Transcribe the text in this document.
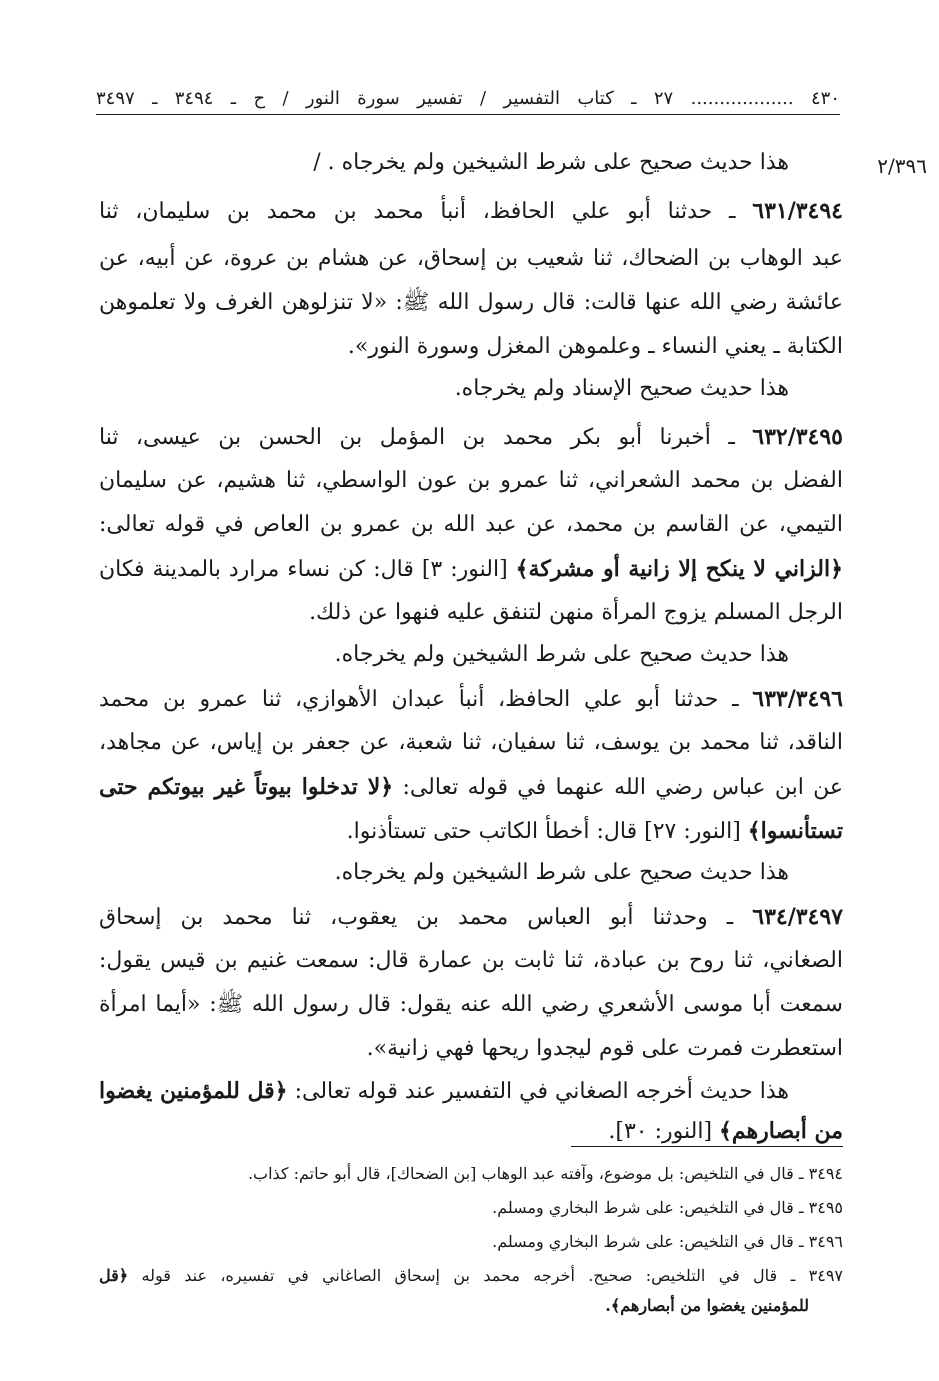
٤٣٠ .................. ٢٧ ـ كتاب التفسير / تفسير سورة النور / ح ـ ٣٤٩٤ ـ ٣٤٩٧
٢/٣٩٦
هذا حديث صحيح على شرط الشيخين ولم يخرجاه . /
٦٣١/٣٤٩٤ ـ حدثنا أبو علي الحافظ، أنبأ محمد بن محمد بن سليمان، ثنا
عبد الوهاب بن الضحاك، ثنا شعيب بن إسحاق، عن هشام بن عروة، عن أبيه، عن
عائشة رضي الله عنها قالت: قال رسول الله ﷺ: «لا تنزلوهن الغرف ولا تعلموهن
الكتابة ـ يعني النساء ـ وعلموهن المغزل وسورة النور».
هذا حديث صحيح الإسناد ولم يخرجاه.
٦٣٢/٣٤٩٥ ـ أخبرنا أبو بكر محمد بن المؤمل بن الحسن بن عيسى، ثنا
الفضل بن محمد الشعراني، ثنا عمرو بن عون الواسطي، ثنا هشيم، عن سليمان
التيمي، عن القاسم بن محمد، عن عبد الله بن عمرو بن العاص في قوله تعالى:
﴿الزاني لا ينكح إلا زانية أو مشركة﴾ [النور: ٣] قال: كن نساء مرارد بالمدينة فكان
الرجل المسلم يزوج المرأة منهن لتنفق عليه فنهوا عن ذلك.
هذا حديث صحيح على شرط الشيخين ولم يخرجاه.
٦٣٣/٣٤٩٦ ـ حدثنا أبو علي الحافظ، أنبأ عبدان الأهوازي، ثنا عمرو بن محمد
الناقد، ثنا محمد بن يوسف، ثنا سفيان، ثنا شعبة، عن جعفر بن إياس، عن مجاهد،
عن ابن عباس رضي الله عنهما في قوله تعالى: ﴿لا تدخلوا بيوتاً غير بيوتكم حتى
تستأنسوا﴾ [النور: ٢٧] قال: أخطأ الكاتب حتى تستأذنوا.
هذا حديث صحيح على شرط الشيخين ولم يخرجاه.
٦٣٤/٣٤٩٧ ـ وحدثنا أبو العباس محمد بن يعقوب، ثنا محمد بن إسحاق
الصغاني، ثنا روح بن عبادة، ثنا ثابت بن عمارة قال: سمعت غنيم بن قيس يقول:
سمعت أبا موسى الأشعري رضي الله عنه يقول: قال رسول الله ﷺ: «أيما امرأة
استعطرت فمرت على قوم ليجدوا ريحها فهي زانية».
هذا حديث أخرجه الصغاني في التفسير عند قوله تعالى: ﴿قل للمؤمنين يغضوا
من أبصارهم﴾ [النور: ٣٠].
٣٤٩٤ ـ قال في التلخيص: بل موضوع، وآفته عبد الوهاب [بن الضحاك]، قال أبو حاتم: كذاب.
٣٤٩٥ ـ قال في التلخيص: على شرط البخاري ومسلم.
٣٤٩٦ ـ قال في التلخيص: على شرط البخاري ومسلم.
٣٤٩٧ ـ قال في التلخيص: صحيح. أخرجه محمد بن إسحاق الصاغاني في تفسيره، عند قوله ﴿قل
للمؤمنين يغضوا من أبصارهم﴾.
